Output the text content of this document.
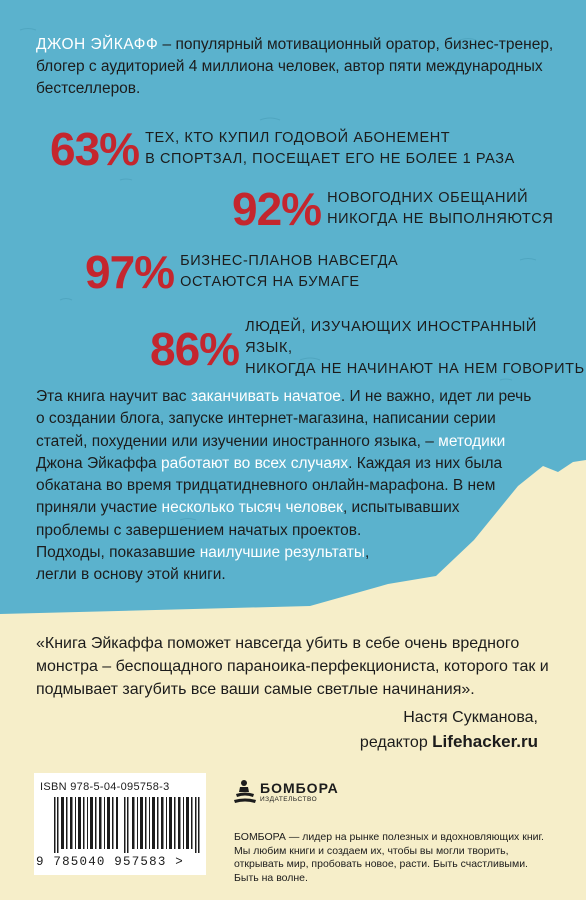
ДЖОН ЭЙКАФФ – популярный мотивационный оратор, бизнес-тренер, блогер с аудиторией 4 миллиона человек, автор пяти международных бестселлеров.
63% ТЕХ, КТО КУПИЛ ГОДОВОЙ АБОНЕМЕНТ
В СПОРТЗАЛ, ПОСЕЩАЕТ ЕГО НЕ БОЛЕЕ 1 РАЗА
92% НОВОГОДНИХ ОБЕЩАНИЙ
НИКОГДА НЕ ВЫПОЛНЯЮТСЯ
97% БИЗНЕС-ПЛАНОВ НАВСЕГДА
ОСТАЮТСЯ НА БУМАГЕ
86% ЛЮДЕЙ, ИЗУЧАЮЩИХ ИНОСТРАННЫЙ ЯЗЫК,
НИКОГДА НЕ НАЧИНАЮТ НА НЕМ ГОВОРИТЬ
Эта книга научит вас заканчивать начатое. И не важно, идет ли речь о создании блога, запуске интернет-магазина, написании серии статей, похудении или изучении иностранного языка, – методики Джона Эйкаффа работают во всех случаях. Каждая из них была обкатана во время тридцатидневного онлайн-марафона. В нем приняли участие несколько тысяч человек, испытывавших проблемы с завершением начатых проектов.
Подходы, показавшие наилучшие результаты,
легли в основу этой книги.
«Книга Эйкаффа поможет навсегда убить в себе очень вредного монстра – беспощадного параноика-перфекциониста, которого так и подмывает загубить все ваши самые светлые начинания».
Настя Сукманова,
редактор Lifehacker.ru
ISBN 978-5-04-095758-3
9 785040 957583 >
БОМБОРА
ИЗДАТЕЛЬСТВО
БОМБОРА — лидер на рынке полезных и вдохновляющих книг. Мы любим книги и создаем их, чтобы вы могли творить, открывать мир, пробовать новое, расти. Быть счастливыми. Быть на волне.
